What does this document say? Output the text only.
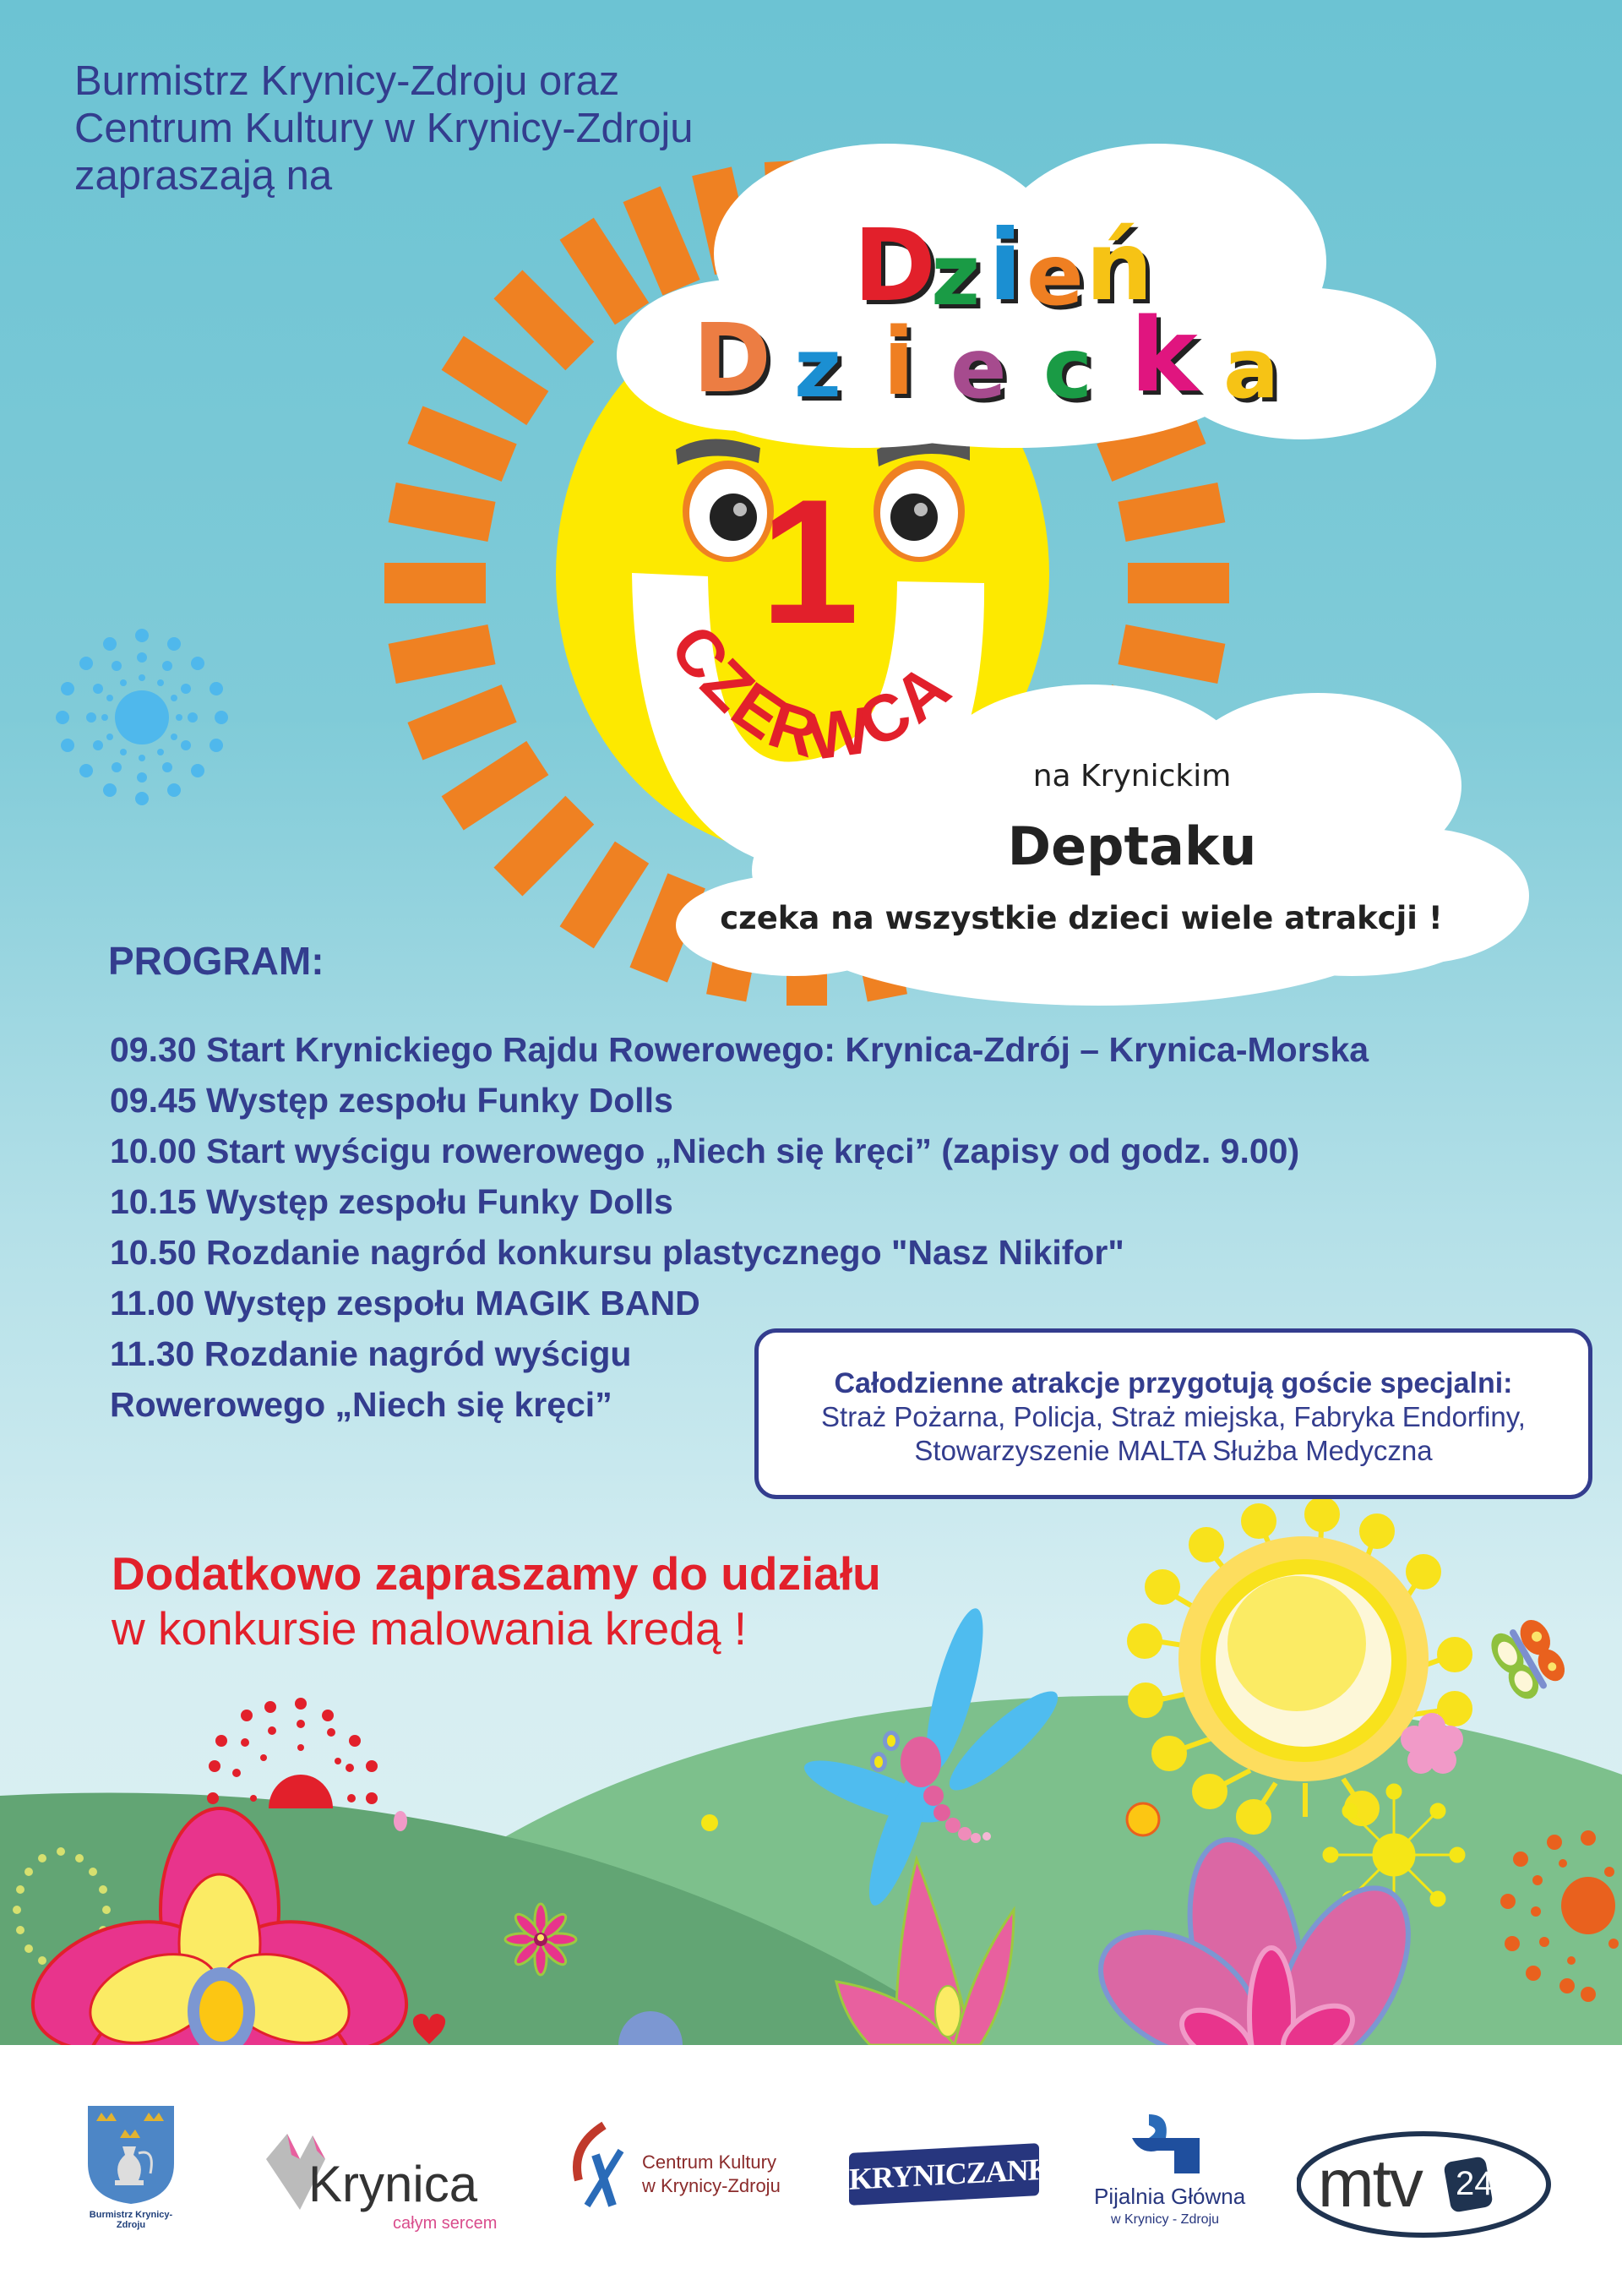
Burmistrz Krynicy-Zdroju oraz
Centrum Kultury w Krynicy-Zdroju
zapraszają na
D
z i e ń
D z i e c k a
1
CZERWCA
na Krynickim
Deptaku
czeka na wszystkie dzieci wiele atrakcji !
PROGRAM:
09.30 Start Krynickiego Rajdu Rowerowego: Krynica-Zdrój – Krynica-Morska
09.45 Występ zespołu Funky Dolls
10.00 Start wyścigu rowerowego „Niech się kręci” (zapisy od godz. 9.00)
10.15 Występ zespołu Funky Dolls
10.50 Rozdanie nagród konkursu plastycznego "Nasz Nikifor"
11.00 Występ zespołu MAGIK BAND
11.30 Rozdanie nagród wyścigu
Rowerowego „Niech się kręci”
Całodzienne atrakcje przygotują goście specjalni:
Straż Pożarna, Policja, Straż miejska, Fabryka Endorfiny,
Stowarzyszenie MALTA Służba Medyczna
Dodatkowo zapraszamy do udziału
w konkursie malowania kredą !
Burmistrz Krynicy-Zdroju
Krynica
całym sercem
Centrum Kultury
w Krynicy-Zdroju KRYNICZANKA
Pijalnia Główna
w Krynicy - Zdroju mtv 24
